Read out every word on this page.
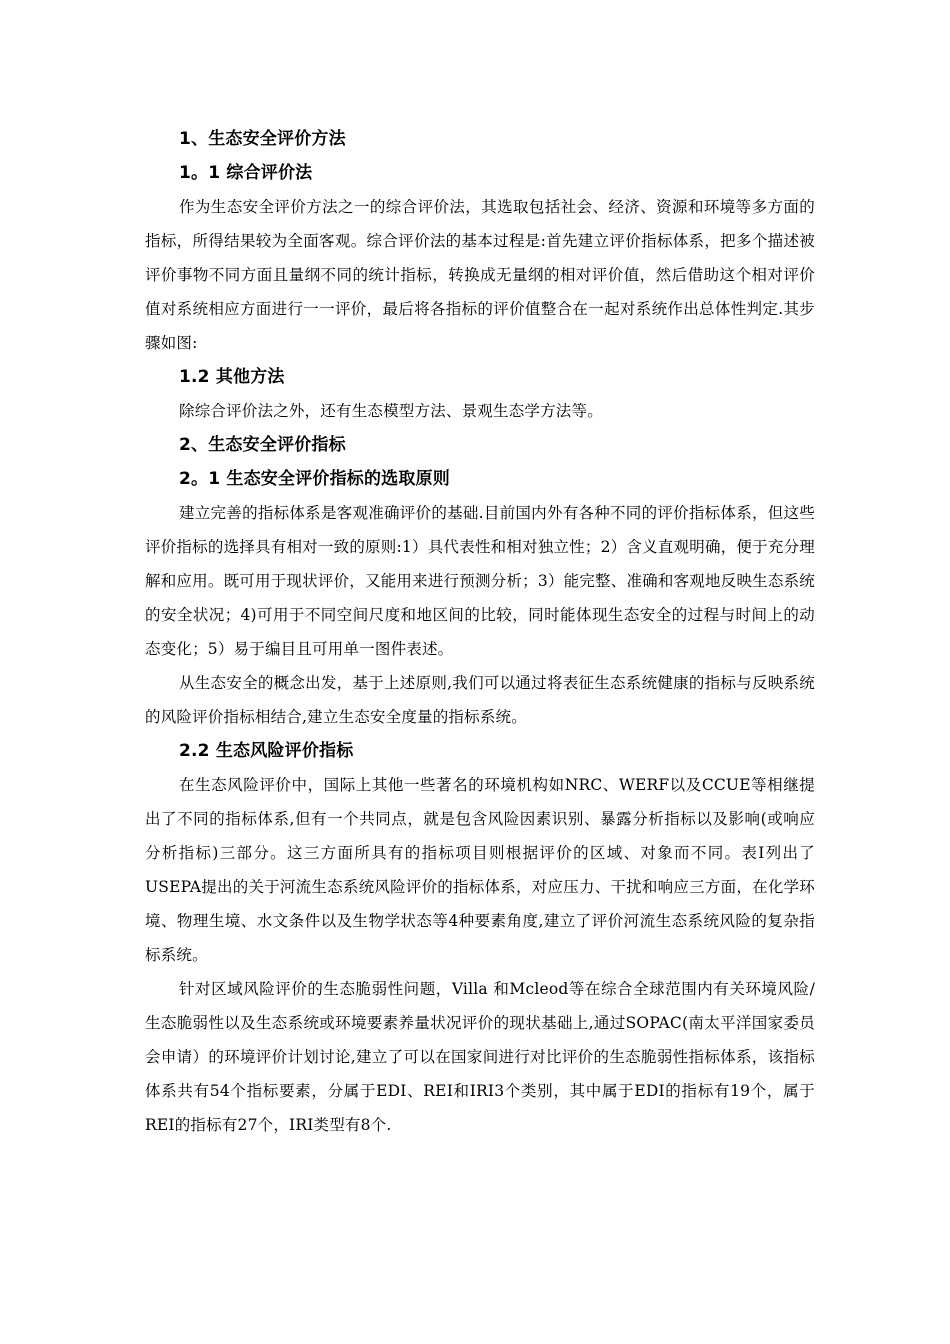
1、生态安全评价方法

1。1 综合评价法

作为生态安全评价方法之一的综合评价法，其选取包括社会、经济、资源和环境等多方面的指标，所得结果较为全面客观。综合评价法的基本过程是:首先建立评价指标体系，把多个描述被评价事物不同方面且量纲不同的统计指标，转换成无量纲的相对评价值，然后借助这个相对评价值对系统相应方面进行一一评价，最后将各指标的评价值整合在一起对系统作出总体性判定.其步骤如图:

1.2 其他方法

除综合评价法之外，还有生态模型方法、景观生态学方法等。

2、生态安全评价指标

2。1 生态安全评价指标的选取原则

建立完善的指标体系是客观准确评价的基础.目前国内外有各种不同的评价指标体系，但这些评价指标的选择具有相对一致的原则:1）具代表性和相对独立性；2）含义直观明确，便于充分理解和应用。既可用于现状评价，又能用来进行预测分析；3）能完整、准确和客观地反映生态系统的安全状况；4)可用于不同空间尺度和地区间的比较，同时能体现生态安全的过程与时间上的动态变化；5）易于编目且可用单一图件表述。

从生态安全的概念出发，基于上述原则,我们可以通过将表征生态系统健康的指标与反映系统的风险评价指标相结合,建立生态安全度量的指标系统。

2.2 生态风险评价指标

在生态风险评价中，国际上其他一些著名的环境机构如NRC、WERF以及CCUE等相继提出了不同的指标体系,但有一个共同点，就是包含风险因素识别、暴露分析指标以及影响(或响应分析指标)三部分。这三方面所具有的指标项目则根据评价的区域、对象而不同。表I列出了USEPA提出的关于河流生态系统风险评价的指标体系，对应压力、干扰和响应三方面，在化学环境、物理生境、水文条件以及生物学状态等4种要素角度,建立了评价河流生态系统风险的复杂指标系统。

针对区域风险评价的生态脆弱性问题，Villa 和Mcleod等在综合全球范围内有关环境风险/生态脆弱性以及生态系统或环境要素养量状况评价的现状基础上,通过SOPAC(南太平洋国家委员会申请）的环境评价计划讨论,建立了可以在国家间进行对比评价的生态脆弱性指标体系，该指标体系共有54个指标要素，分属于EDI、REI和IRI3个类别，其中属于EDI的指标有19个，属于REI的指标有27个，IRI类型有8个.
